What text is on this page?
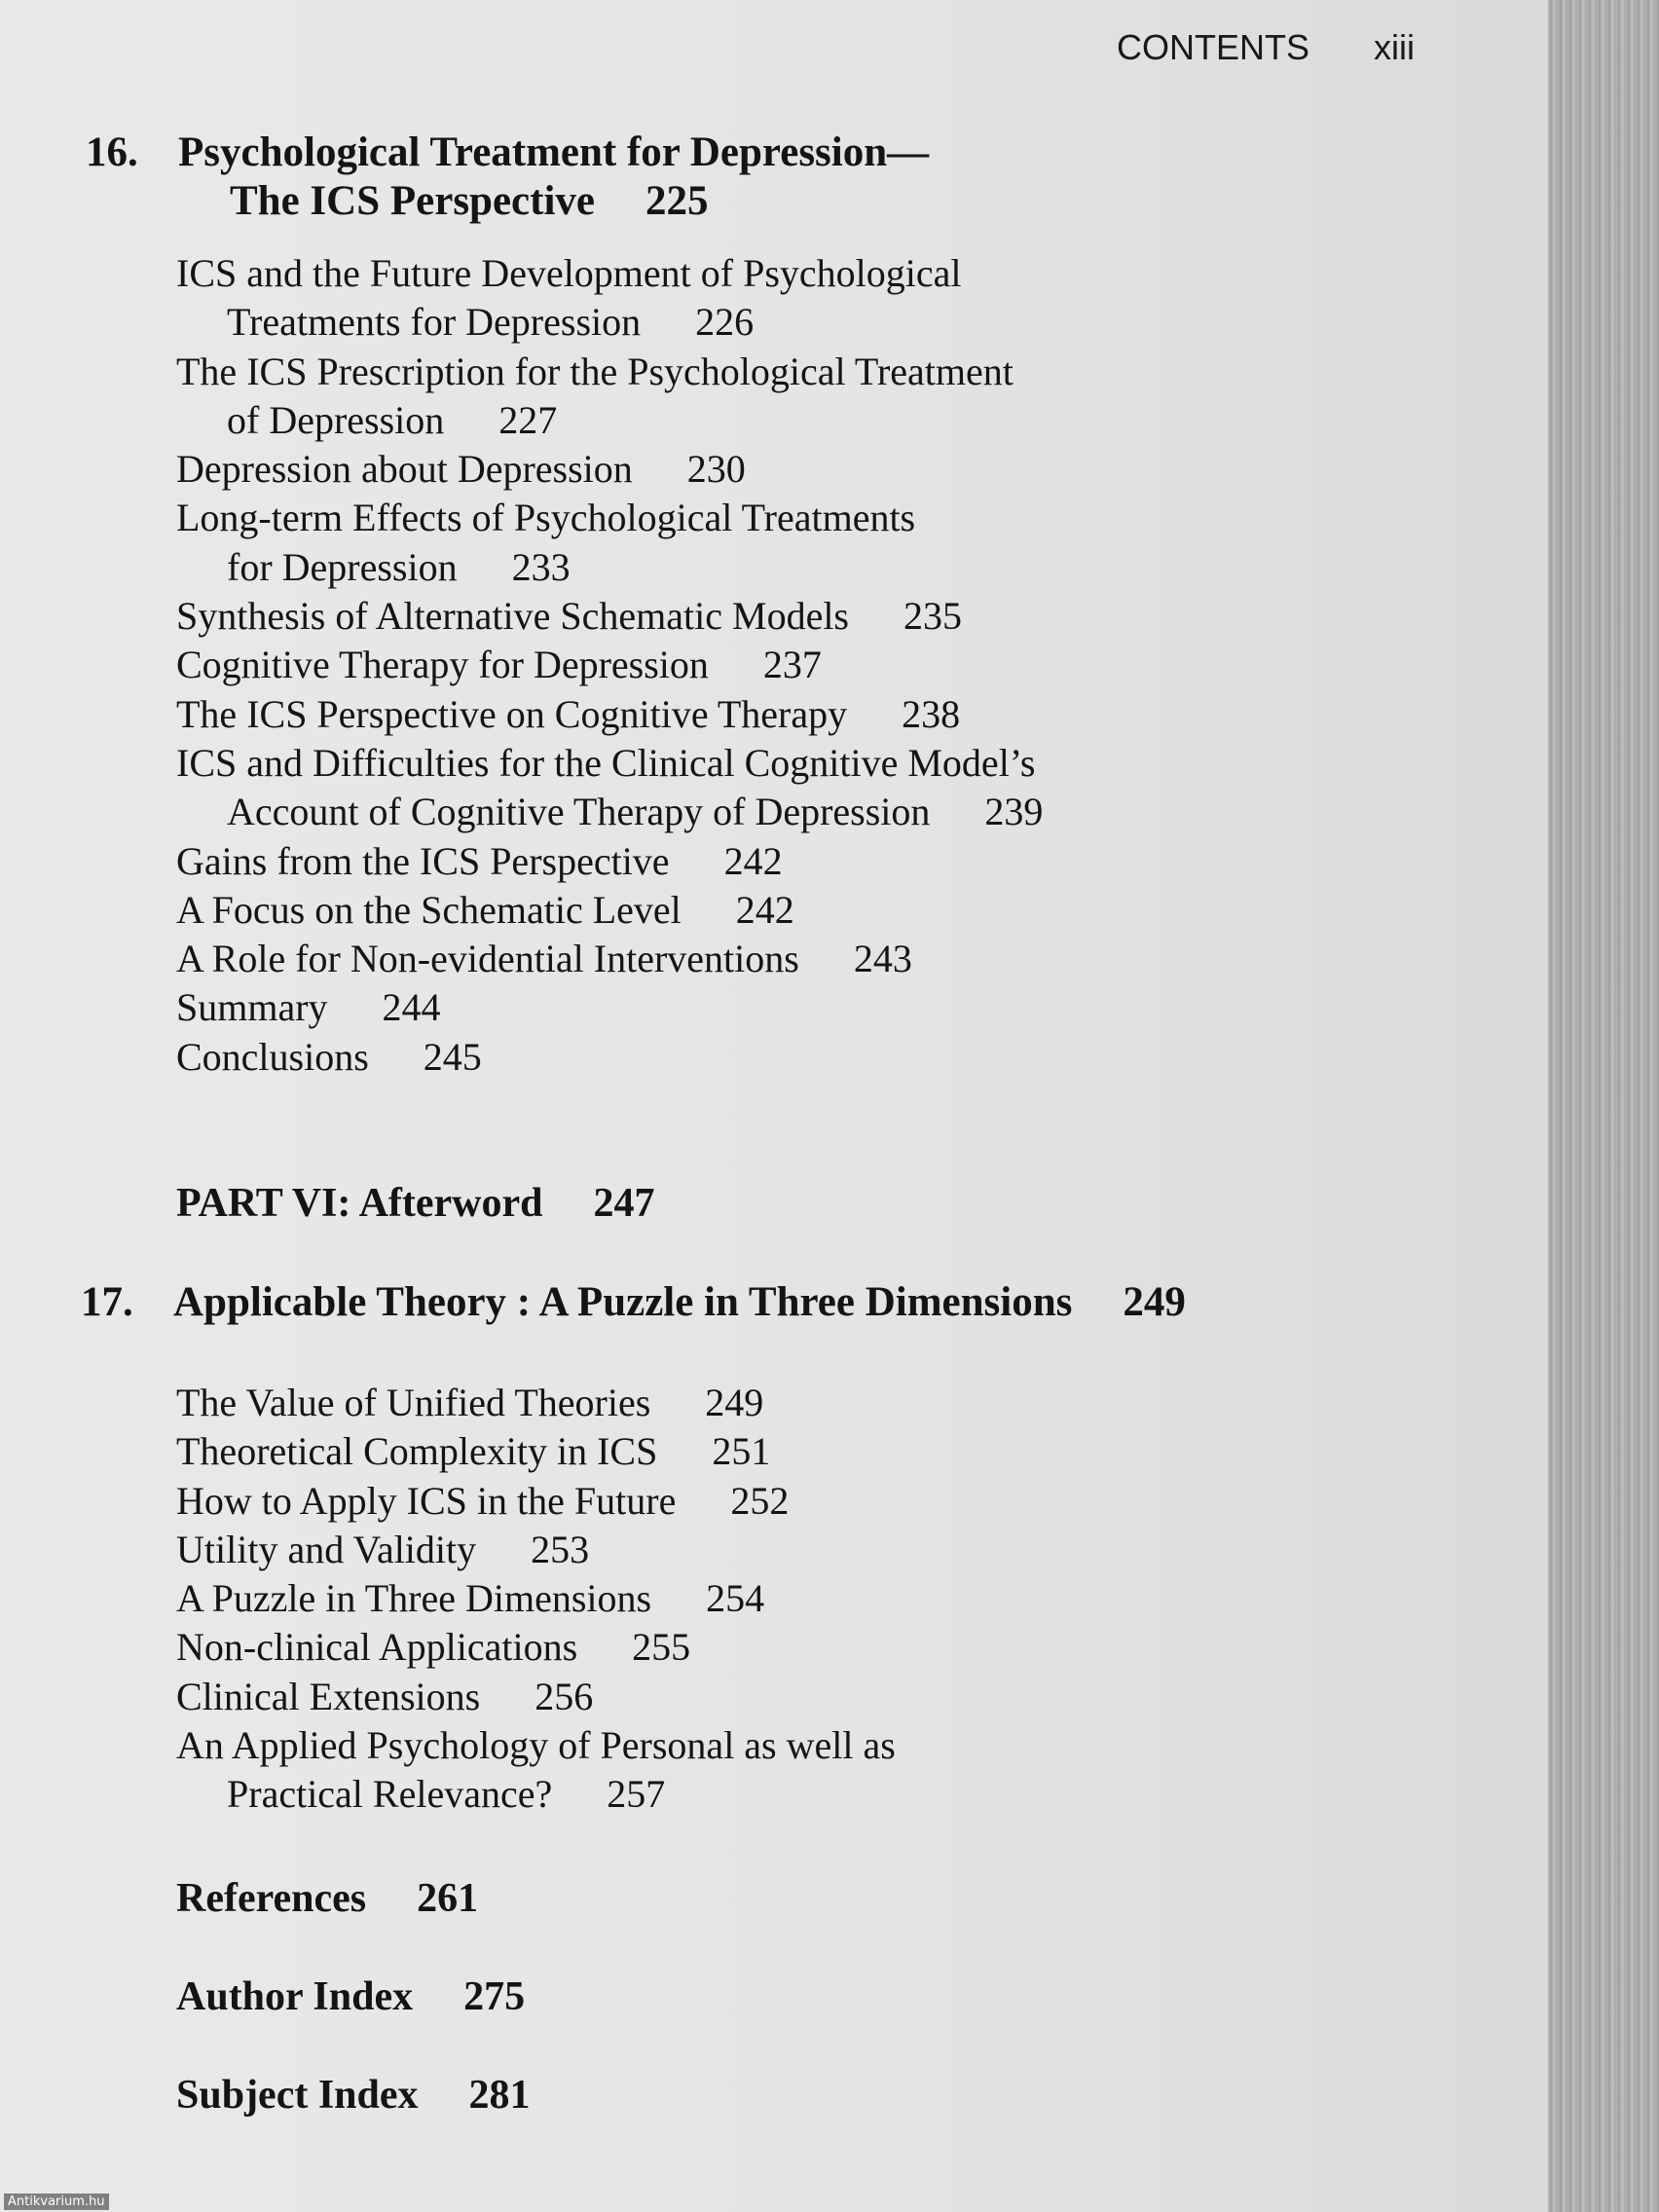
CONTENTS xiii
16. Psychological Treatment for Depression—
The ICS Perspective 225
ICS and the Future Development of Psychological
Treatments for Depression 226
The ICS Prescription for the Psychological Treatment
of Depression 227
Depression about Depression 230
Long-term Effects of Psychological Treatments
for Depression 233
Synthesis of Alternative Schematic Models 235
Cognitive Therapy for Depression 237
The ICS Perspective on Cognitive Therapy 238
ICS and Difficulties for the Clinical Cognitive Model’s
Account of Cognitive Therapy of Depression 239
Gains from the ICS Perspective 242
A Focus on the Schematic Level 242
A Role for Non-evidential Interventions 243
Summary 244
Conclusions 245
PART VI: Afterword 247
17. Applicable Theory : A Puzzle in Three Dimensions 249
The Value of Unified Theories 249
Theoretical Complexity in ICS 251
How to Apply ICS in the Future 252
Utility and Validity 253
A Puzzle in Three Dimensions 254
Non-clinical Applications 255
Clinical Extensions 256
An Applied Psychology of Personal as well as
Practical Relevance? 257
References 261
Author Index 275
Subject Index 281
Antikvarium.hu
